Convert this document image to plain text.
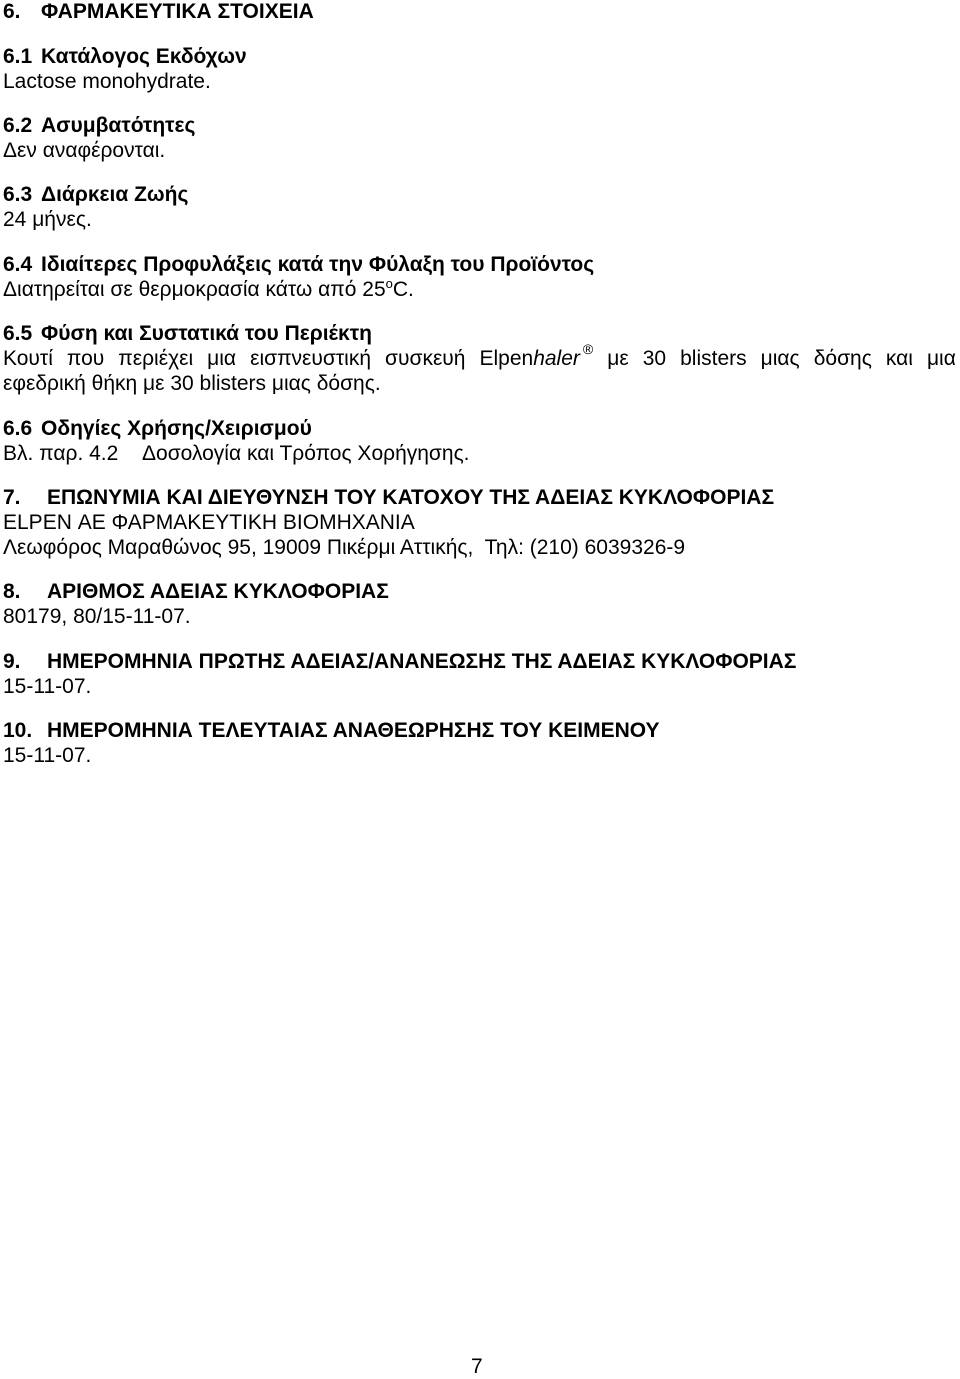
6. ΦΑΡΜΑΚΕΥΤΙΚΑ ΣΤΟΙΧΕΙΑ
6.1 Κατάλογος Εκδόχων
Lactose monohydrate.
6.2 Ασυμβατότητες
Δεν αναφέρονται.
6.3 Διάρκεια Ζωής
24 μήνες.
6.4 Ιδιαίτερες Προφυλάξεις κατά την Φύλαξη του Προϊόντος
Διατηρείται σε θερμοκρασία κάτω από $25^oC$.
6.5 Φύση και Συστατικά του Περιέκτη
Κουτί που περιέχει μια εισπνευστική συσκευή Elpenhaler ® με 30 blisters μιας δόσης και μια
εφεδρική θήκη με 30 blisters μιας δόσης.
6.6 Οδηγίες Χρήσης/Χειρισμού
Βλ. παρ. 4.2 Δοσολογία και Τρόπος Χορήγησης.
7. ΕΠΩΝΥΜΙΑ ΚΑΙ ΔΙΕΥΘΥΝΣΗ ΤΟΥ ΚΑΤΟΧΟΥ ΤΗΣ ΑΔΕΙΑΣ ΚΥΚΛΟΦΟΡΙΑΣ
ELPEN ΑΕ ΦΑΡΜΑΚΕΥΤΙΚΗ ΒΙΟΜΗΧΑΝΙΑ
Λεωφόρος Μαραθώνος 95, 19009 Πικέρμι Αττικής, Τηλ: (210) 6039326-9
8. ΑΡΙΘΜΟΣ ΑΔΕΙΑΣ ΚΥΚΛΟΦΟΡΙΑΣ
80179, 80/15-11-07.
9. ΗΜΕΡΟΜΗΝΙΑ ΠΡΩΤΗΣ ΑΔΕΙΑΣ/ΑΝΑΝΕΩΣΗΣ ΤΗΣ ΑΔΕΙΑΣ ΚΥΚΛΟΦΟΡΙΑΣ
15-11-07.
10. ΗΜΕΡΟΜΗΝΙΑ ΤΕΛΕΥΤΑΙΑΣ ΑΝΑΘΕΩΡΗΣΗΣ ΤΟΥ ΚΕΙΜΕΝΟΥ
15-11-07.
7
